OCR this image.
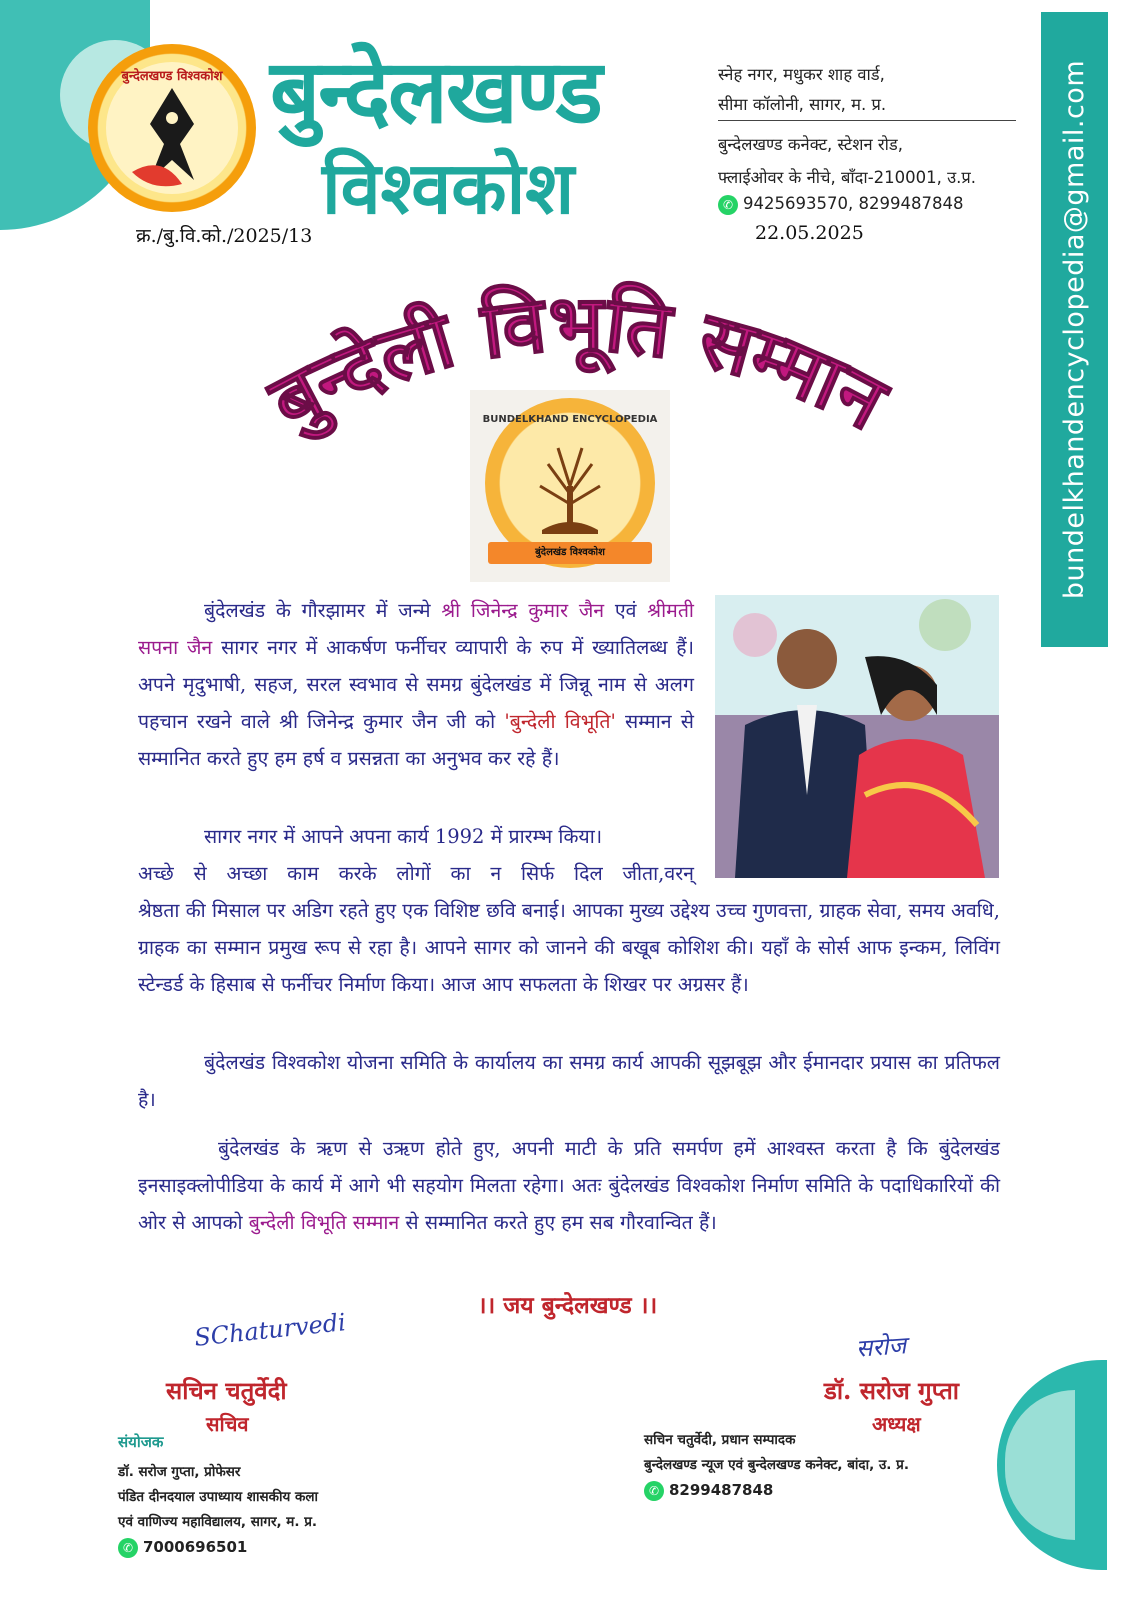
bundelkhandencyclopedia@gmail.com
बुन्देलखण्ड विश्वकोश बुन्देलखण्ड
विश्वकोश
स्नेह नगर, मधुकर शाह वार्ड,
सीमा कॉलोनी, सागर, म. प्र.
बुन्देलखण्ड कनेक्ट, स्टेशन रोड,
फ्लाईओवर के नीचे, बाँदा-210001, उ.प्र.
✆ 9425693570, 8299487848
क्र./बु.वि.को./2025/13	22.05.2025
बुन्देली विभूति सम्मान
BUNDELKHAND ENCYCLOPEDIA
बुंदेलखंड विश्वकोश
बुंदेलखंड के गौरझामर में जन्मे श्री जिनेन्द्र कुमार जैन एवं श्रीमती सपना जैन सागर नगर में आकर्षण फर्नीचर व्यापारी के रुप में ख्यातिलब्ध हैं। अपने मृदुभाषी, सहज, सरल स्वभाव से समग्र बुंदेलखंड में जिन्नू नाम से अलग पहचान रखने वाले श्री जिनेन्द्र कुमार जैन जी को 'बुन्देली विभूति' सम्मान से सम्मानित करते हुए हम हर्ष व प्रसन्नता का अनुभव कर रहे हैं।
सागर नगर में आपने अपना कार्य 1992 में प्रारम्भ किया।
अच्छे से अच्छा काम करके लोगों का न सिर्फ दिल जीता,वरन्
श्रेष्ठता की मिसाल पर अडिग रहते हुए एक विशिष्ट छवि बनाई। आपका मुख्य उद्देश्य उच्च गुणवत्ता, ग्राहक सेवा, समय अवधि, ग्राहक का सम्मान प्रमुख रूप से रहा है। आपने सागर को जानने की बखूब कोशिश की। यहाँ के सोर्स आफ इन्कम, लिविंग स्टेन्डर्ड के हिसाब से फर्नीचर निर्माण किया। आज आप सफलता के शिखर पर अग्रसर हैं।
बुंदेलखंड विश्वकोश योजना समिति के कार्यालय का समग्र कार्य आपकी सूझबूझ और ईमानदार प्रयास का प्रतिफल है।
बुंदेलखंड के ऋण से उऋण होते हुए, अपनी माटी के प्रति समर्पण हमें आश्वस्त करता है कि बुंदेलखंड इनसाइक्लोपीडिया के कार्य में आगे भी सहयोग मिलता रहेगा। अतः बुंदेलखंड विश्वकोश निर्माण समिति के पदाधिकारियों की ओर से आपको बुन्देली विभूति सम्मान से सम्मानित करते हुए हम सब गौरवान्वित हैं।
।। जय बुन्देलखण्ड ।।
SChaturvedi
सचिन चतुर्वेदी
सचिव
सरोज
डॉ. सरोज गुप्ता
अध्यक्ष
संयोजक
डॉ. सरोज गुप्ता, प्रोफेसर
पंडित दीनदयाल उपाध्याय शासकीय कला
एवं वाणिज्य महाविद्यालय, सागर, म. प्र.
✆ 7000696501
सचिन चतुर्वेदी, प्रधान सम्पादक
बुन्देलखण्ड न्यूज एवं बुन्देलखण्ड कनेक्ट, बांदा, उ. प्र.
✆ 8299487848
